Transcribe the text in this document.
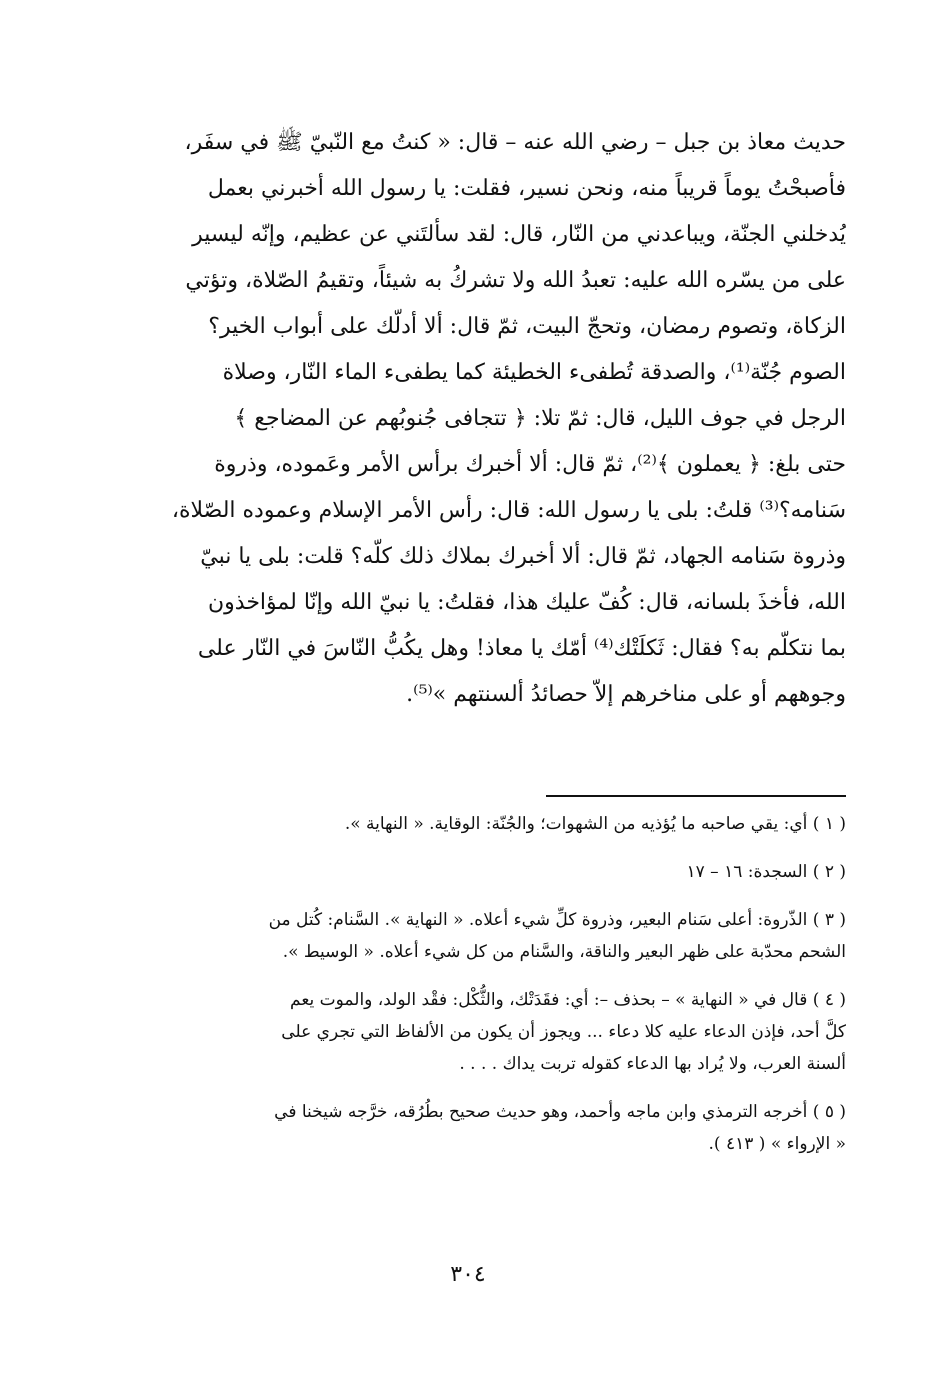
حديث معاذ بن جبل – رضي الله عنه – قال: « كنتُ مع النّبيّ ﷺ في سفَر،
فأصبحْتُ يوماً قريباً منه، ونحن نسير، فقلت: يا رسول الله أخبرني بعمل
يُدخلني الجنّة، ويباعدني من النّار، قال: لقد سألتَني عن عظيم، وإنّه ليسير
على من يسّره الله عليه: تعبدُ الله ولا تشركُ به شيئاً، وتقيمُ الصّلاة، وتؤتي
الزكاة، وتصوم رمضان، وتحجّ البيت، ثمّ قال: ألا أدلّك على أبواب الخير؟
الصوم جُنّة⁽¹⁾، والصدقة تُطفىء الخطيئة كما يطفىء الماء النّار، وصلاة
الرجل في جوف الليل، قال: ثمّ تلا: ﴿ تتجافى جُنوبُهم عن المضاجع ﴾
حتى بلغ: ﴿ يعملون ﴾⁽²⁾، ثمّ قال: ألا أخبرك برأس الأمر وعَموده، وذروة
سَنامه؟⁽³⁾ قلتُ: بلى يا رسول الله: قال: رأس الأمر الإسلام وعموده الصّلاة،
وذروة سَنامه الجهاد، ثمّ قال: ألا أخبرك بملاك ذلك كلّه؟ قلت: بلى يا نبيّ
الله، فأخذَ بلسانه، قال: كُفّ عليك هذا، فقلتُ: يا نبيّ الله وإنّا لمؤاخذون
بما نتكلّم به؟ فقال: ثَكلَتْك⁽⁴⁾ أمّك يا معاذ! وهل يكُبُّ النّاسَ في النّار على
وجوههم أو على مناخرهم إلاّ حصائدُ ألسنتهم »⁽⁵⁾.
( ١ ) أي: يقي صاحبه ما يُؤذيه من الشهوات؛ والجُنّة: الوقاية. « النهاية ».
( ٢ ) السجدة: ١٦ – ١٧
( ٣ ) الذّروة: أعلى سَنام البعير، وذروة كلِّ شيء أعلاه. « النهاية ». السَّنام: كُتل من
الشحم محدّبة على ظهر البعير والناقة، والسَّنام من كل شيء أعلاه. « الوسيط ».
( ٤ ) قال في « النهاية » – بحذف –: أي: فقَدَتْك، والثُّكْل: فقْد الولد، والموت يعم
كلَّ أحد، فإذن الدعاء عليه كلا دعاء ... ويجوز أن يكون من الألفاظ التي تجري على
ألسنة العرب، ولا يُراد بها الدعاء كقوله تربت يداك . . . .
( ٥ ) أخرجه الترمذي وابن ماجه وأحمد، وهو حديث صحيح بطُرُقه، خرَّجه شيخنا في
« الإرواء » ( ٤١٣ ).
٣٠٤
